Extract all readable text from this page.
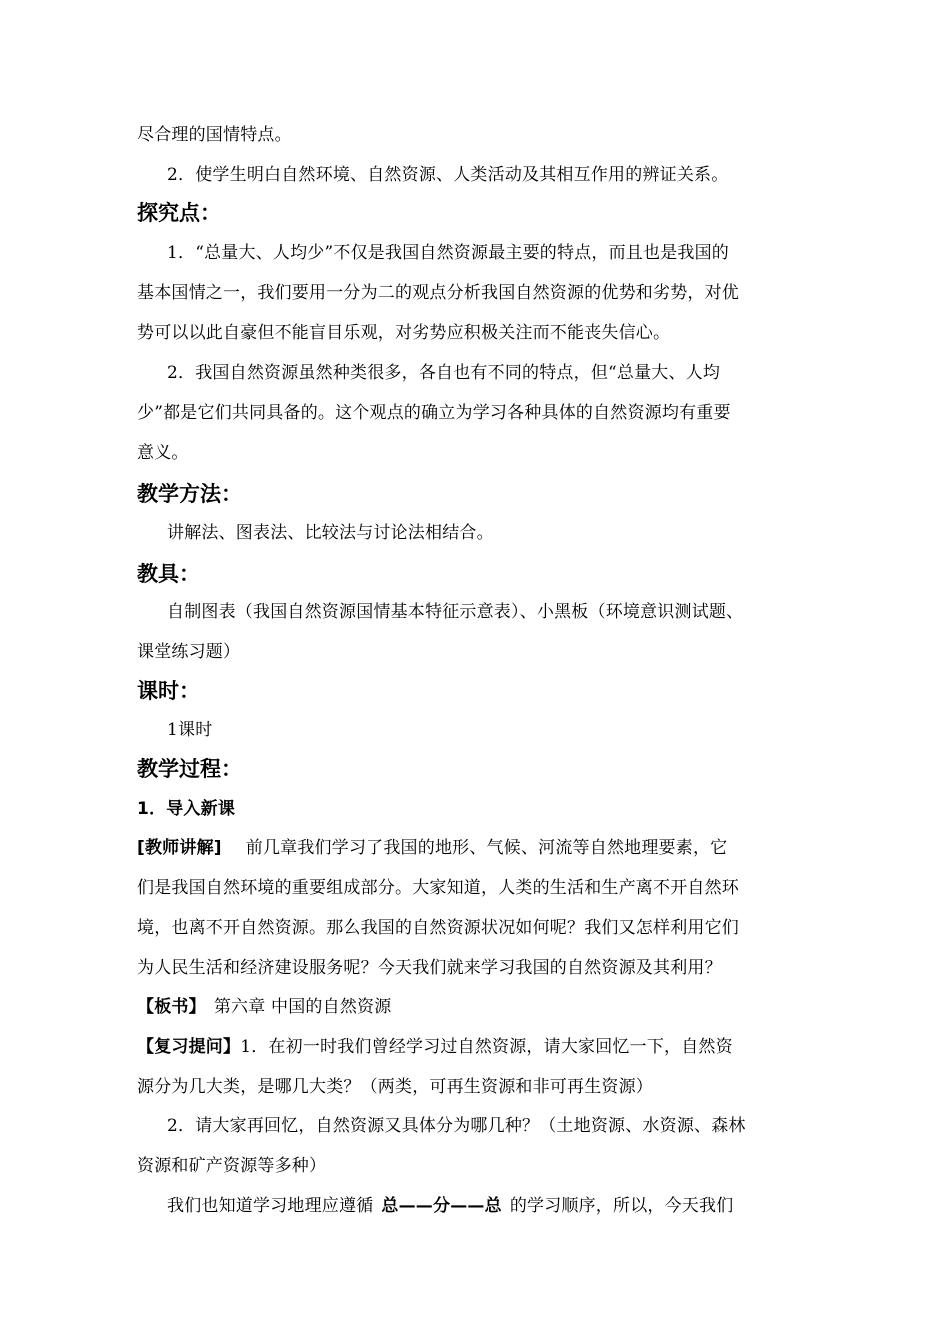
尽合理的国情特点。
2．使学生明白自然环境、自然资源、人类活动及其相互作用的辨证关系。
探究点：
1．“总量大、人均少”不仅是我国自然资源最主要的特点，而且也是我国的
基本国情之一，我们要用一分为二的观点分析我国自然资源的优势和劣势，对优
势可以以此自豪但不能盲目乐观，对劣势应积极关注而不能丧失信心。
2．我国自然资源虽然种类很多，各自也有不同的特点，但“总量大、人均
少”都是它们共同具备的。这个观点的确立为学习各种具体的自然资源均有重要
意义。
教学方法：
讲解法、图表法、比较法与讨论法相结合。
教具：
自制图表（我国自然资源国情基本特征示意表）、小黑板（环境意识测试题、
课堂练习题）
课时：
1课时
教学过程：
1．导入新课
[教师讲解] 前几章我们学习了我国的地形、气候、河流等自然地理要素，它
们是我国自然环境的重要组成部分。大家知道，人类的生活和生产离不开自然环
境，也离不开自然资源。那么我国的自然资源状况如何呢？我们又怎样利用它们
为人民生活和经济建设服务呢？今天我们就来学习我国的自然资源及其利用？
【板书】 第六章 中国的自然资源
【复习提问】1．在初一时我们曾经学习过自然资源，请大家回忆一下，自然资
源分为几大类，是哪几大类？（两类，可再生资源和非可再生资源）
2．请大家再回忆，自然资源又具体分为哪几种？（土地资源、水资源、森林
资源和矿产资源等多种）
我们也知道学习地理应遵循 总——分——总 的学习顺序，所以，今天我们
